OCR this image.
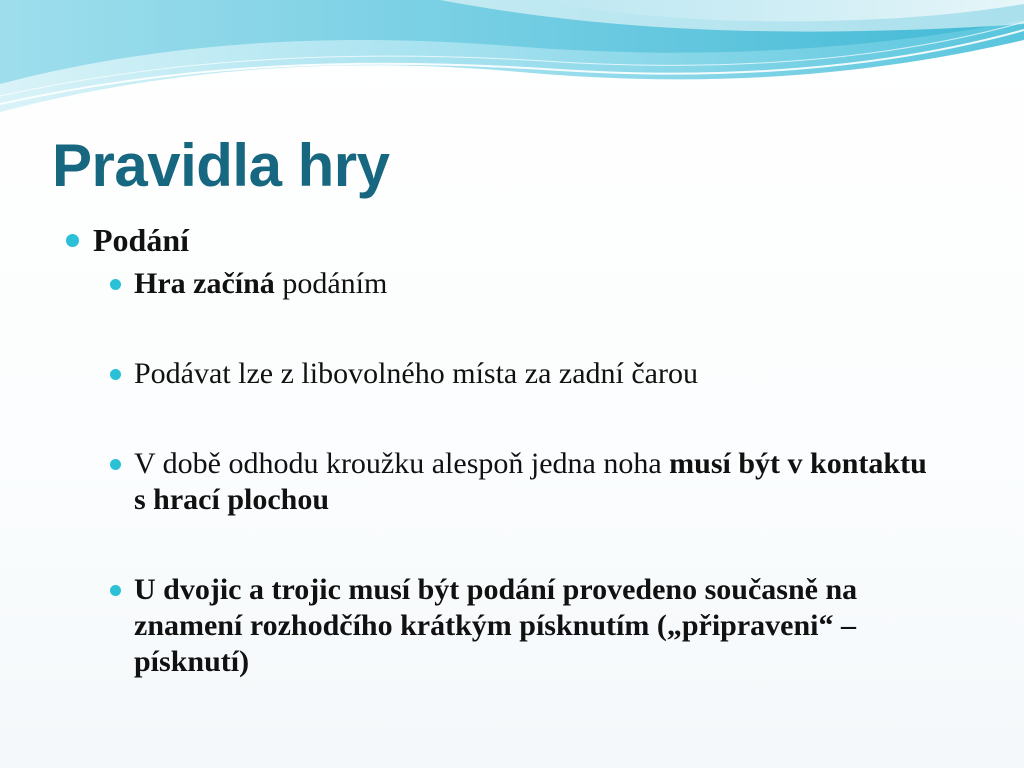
Pravidla hry
Podání
Hra začíná podáním
Podávat lze z libovolného místa za zadní čarou
V době odhodu kroužku alespoň jedna noha musí být v kontaktu s hrací plochou
U dvojic a trojic musí být podání provedeno současně na znamení rozhodčího krátkým písknutím („připraveni“ – písknutí)
